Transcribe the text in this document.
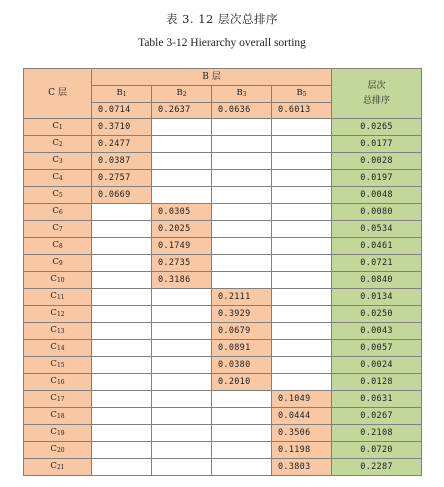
表 3. 12 层次总排序
Table 3-12 Hierarchy overall sorting
C 层	B 层				层次
总排序

	B1	B2	B3	B5	
	0.0714	0.2637	0.0636	0.6013	
C1	0.3710				0.0265
C2	0.2477				0.0177
C3	0.0387				0.0028
C4	0.2757				0.0197
C5	0.0669				0.0048
C6		0.0305			0.0080
C7		0.2025			0.0534
C8		0.1749			0.0461
C9		0.2735			0.0721
C10		0.3186			0.0840
C11			0.2111		0.0134
C12			0.3929		0.0250
C13			0.0679		0.0043
C14			0.0891		0.0057
C15			0.0380		0.0024
C16			0.2010		0.0128
C17				0.1049	0.0631
C18				0.0444	0.0267
C19				0.3506	0.2108
C20				0.1198	0.0720
C21				0.3803	0.2287
